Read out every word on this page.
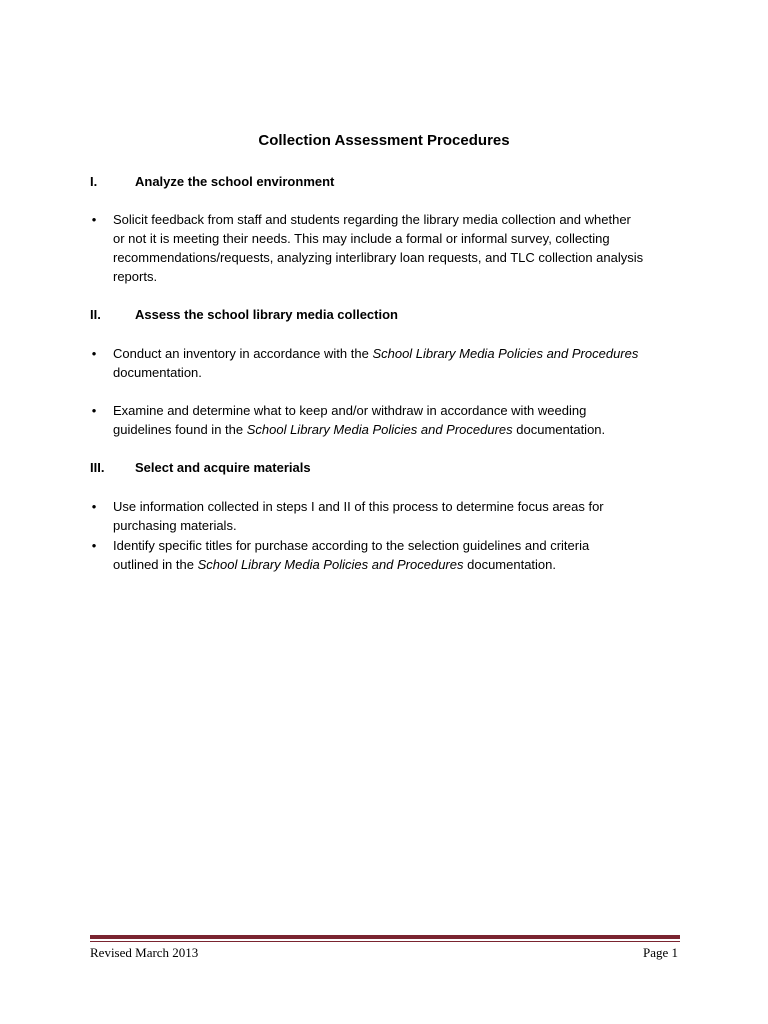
Collection Assessment Procedures
I.	Analyze the school environment
• Solicit feedback from staff and students regarding the library media collection and whether
or not it is meeting their needs. This may include a formal or informal survey, collecting
recommendations/requests, analyzing interlibrary loan requests, and TLC collection analysis
reports.
II.	Assess the school library media collection
• Conduct an inventory in accordance with the School Library Media Policies and Procedures
documentation.
• Examine and determine what to keep and/or withdraw in accordance with weeding
guidelines found in the School Library Media Policies and Procedures documentation.
III. Select and acquire materials
• Use information collected in steps I and II of this process to determine focus areas for
purchasing materials.
• Identify specific titles for purchase according to the selection guidelines and criteria
outlined in the School Library Media Policies and Procedures documentation.
Revised March 2013	Page 1
